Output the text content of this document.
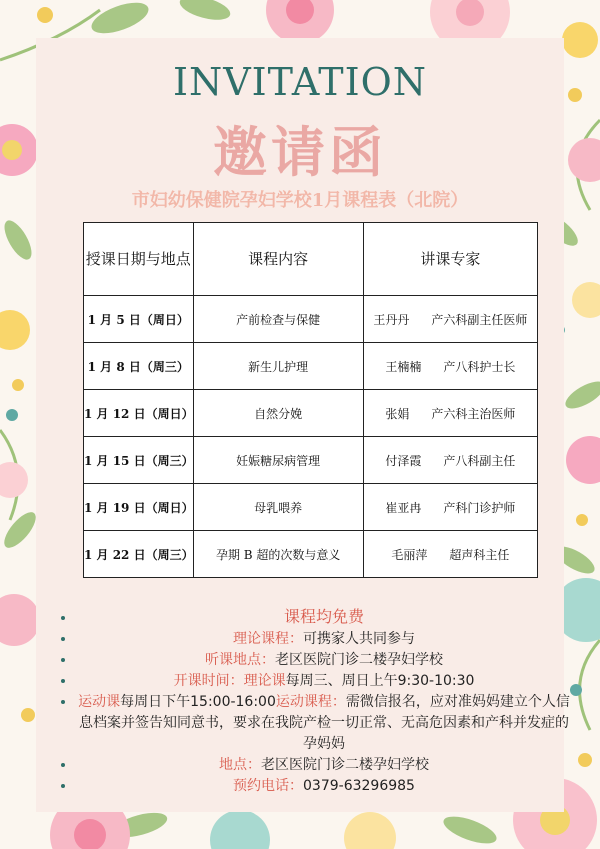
INVITATION
邀请函
市妇幼保健院孕妇学校1月课程表（北院）
授课日期与地点	课程内容	讲课专家
1 月 5 日（周日）	产前检查与保健	王丹丹 产六科副主任医师
1 月 8 日（周三）	新生儿护理	王楠楠 产八科护士长
1 月 12 日（周日）	自然分娩	张娟 产六科主治医师
1 月 15 日（周三）	妊娠糖尿病管理	付泽霞 产八科副主任
1 月 19 日（周日）	母乳喂养	崔亚冉 产科门诊护师
1 月 22 日（周三）	孕期 B 超的次数与意义	毛丽萍 超声科主任
• 课程均免费
• 理论课程：可携家人共同参与
• 听课地点：老区医院门诊二楼孕妇学校
• 开课时间：理论课每周三、周日上午9:30-10:30
• 运动课每周日下午15:00-16:00运动课程：需微信报名，应对准妈妈建立个人信息档案并签告知同意书，要求在我院产检一切正常、无高危因素和产科并发症的孕妈妈
• 地点：老区医院门诊二楼孕妇学校
• 预约电话：0379-63296985
